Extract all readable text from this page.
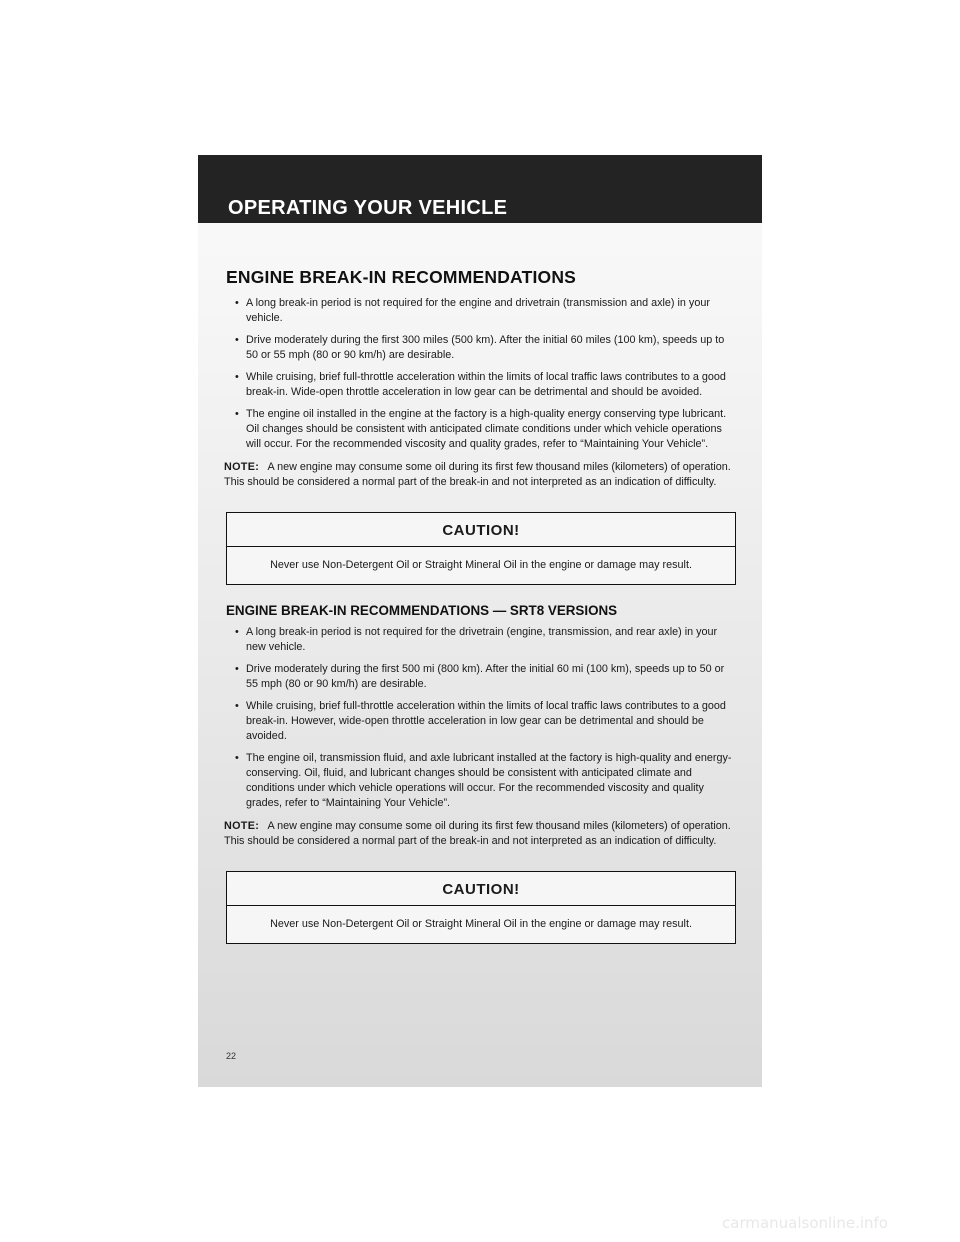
OPERATING YOUR VEHICLE
ENGINE BREAK-IN RECOMMENDATIONS
• A long break-in period is not required for the engine and drivetrain (transmission and axle) in your vehicle.
• Drive moderately during the first 300 miles (500 km). After the initial 60 miles (100 km), speeds up to 50 or 55 mph (80 or 90 km/h) are desirable.
• While cruising, brief full-throttle acceleration within the limits of local traffic laws contributes to a good break-in. Wide-open throttle acceleration in low gear can be detrimental and should be avoided.
• The engine oil installed in the engine at the factory is a high-quality energy conserving type lubricant. Oil changes should be consistent with anticipated climate conditions under which vehicle operations will occur. For the recommended viscosity and quality grades, refer to “Maintaining Your Vehicle”.

NOTE: A new engine may consume some oil during its first few thousand miles (kilometers) of operation. This should be considered a normal part of the break-in and not interpreted as an indication of difficulty.

CAUTION!
Never use Non-Detergent Oil or Straight Mineral Oil in the engine or damage may result.
ENGINE BREAK-IN RECOMMENDATIONS — SRT8 VERSIONS
• A long break-in period is not required for the drivetrain (engine, transmission, and rear axle) in your new vehicle.
• Drive moderately during the first 500 mi (800 km). After the initial 60 mi (100 km), speeds up to 50 or 55 mph (80 or 90 km/h) are desirable.
• While cruising, brief full-throttle acceleration within the limits of local traffic laws contributes to a good break-in. However, wide-open throttle acceleration in low gear can be detrimental and should be avoided.
• The engine oil, transmission fluid, and axle lubricant installed at the factory is high-quality and energy-conserving. Oil, fluid, and lubricant changes should be consistent with anticipated climate and conditions under which vehicle operations will occur. For the recommended viscosity and quality grades, refer to “Maintaining Your Vehicle”.

NOTE: A new engine may consume some oil during its first few thousand miles (kilometers) of operation. This should be considered a normal part of the break-in and not interpreted as an indication of difficulty.

CAUTION!
Never use Non-Detergent Oil or Straight Mineral Oil in the engine or damage may result.
22
carmanualsonline.info
